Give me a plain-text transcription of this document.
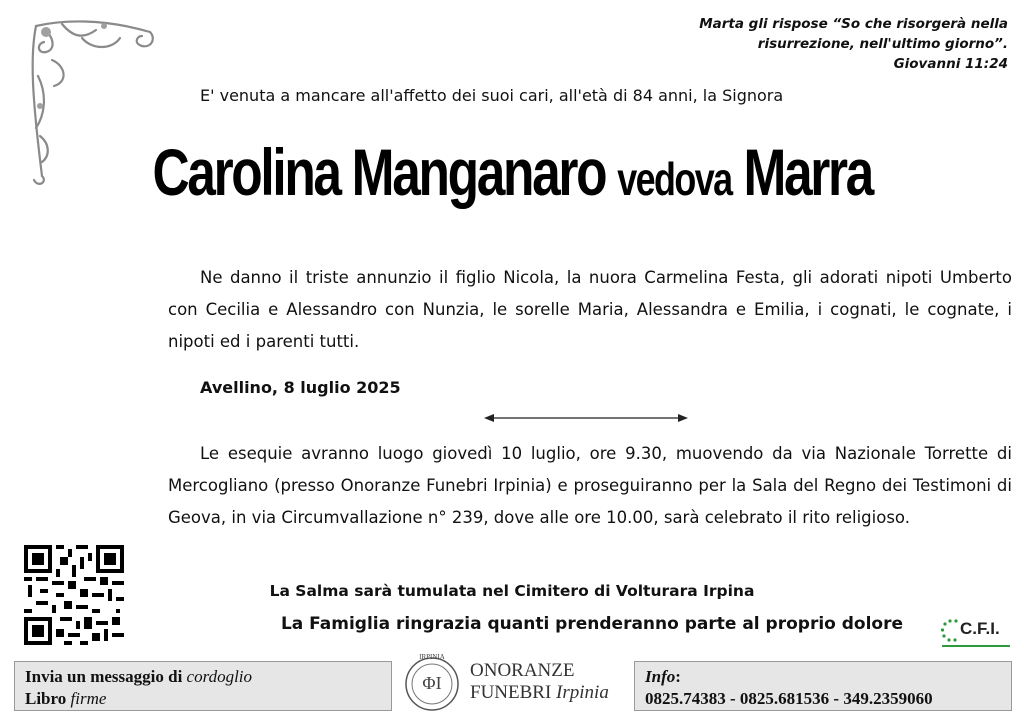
Marta gli rispose “So che risorgerà nella
risurrezione, nell'ultimo giorno”.
Giovanni 11:24
E' venuta a mancare all'affetto dei suoi cari, all'età di 84 anni, la Signora
Carolina Manganaro vedova Marra
Ne danno il triste annunzio il figlio Nicola, la nuora Carmelina Festa, gli adorati nipoti Umberto con Cecilia e Alessandro con Nunzia, le sorelle Maria, Alessandra e Emilia, i cognati, le cognate, i nipoti ed i parenti tutti.
Avellino, 8 luglio 2025
Le esequie avranno luogo giovedì 10 luglio, ore 9.30, muovendo da via Nazionale Torrette di Mercogliano (presso Onoranze Funebri Irpinia) e proseguiranno per la Sala del Regno dei Testimoni di Geova, in via Circumvallazione n° 239, dove alle ore 10.00, sarà celebrato il rito religioso.
La Salma sarà tumulata nel Cimitero di Volturara Irpina
La Famiglia ringrazia quanti prenderanno parte al proprio dolore	C.F.I.
Invia un messaggio di cordoglio
Libro firme
ΦΙ
IRPINIA
ONORANZE
FUNEBRI Irpinia
Info:
0825.74383 - 0825.681536 - 349.2359060
